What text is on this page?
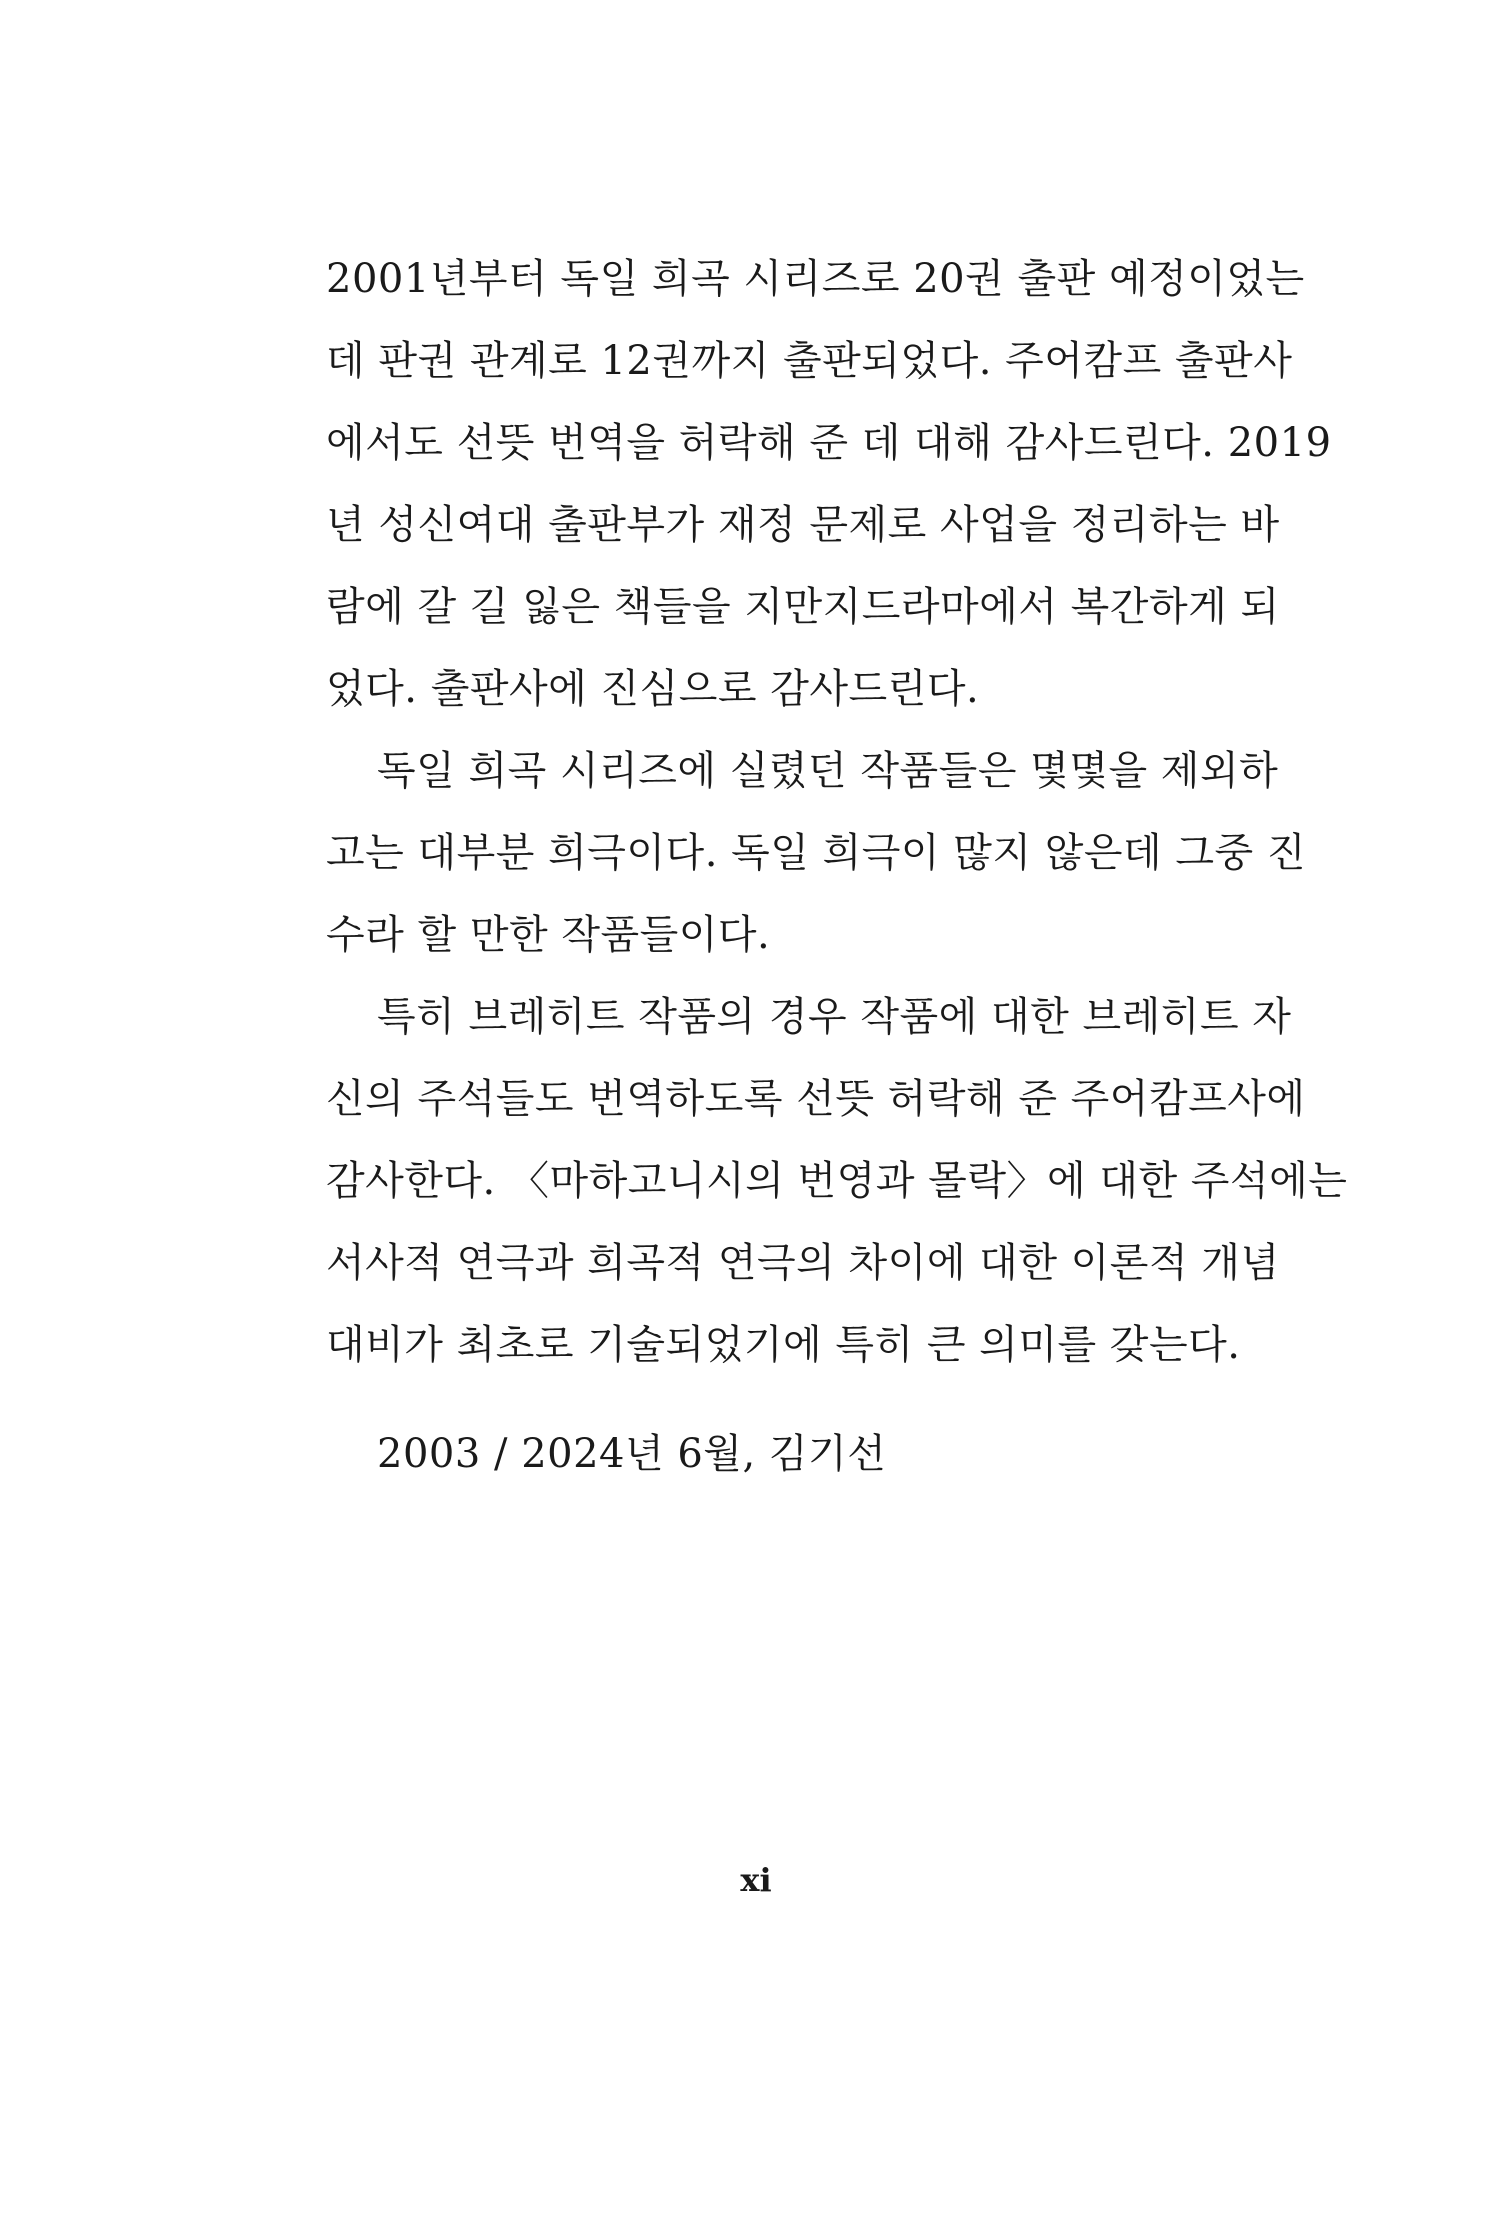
2001년부터 독일 희곡 시리즈로 20권 출판 예정이었는
데 판권 관계로 12권까지 출판되었다. 주어캄프 출판사
에서도 선뜻 번역을 허락해 준 데 대해 감사드린다. 2019
년 성신여대 출판부가 재정 문제로 사업을 정리하는 바
람에 갈 길 잃은 책들을 지만지드라마에서 복간하게 되
었다. 출판사에 진심으로 감사드린다.
독일 희곡 시리즈에 실렸던 작품들은 몇몇을 제외하
고는 대부분 희극이다. 독일 희극이 많지 않은데 그중 진
수라 할 만한 작품들이다.
특히 브레히트 작품의 경우 작품에 대한 브레히트 자
신의 주석들도 번역하도록 선뜻 허락해 준 주어캄프사에
감사한다. 〈마하고니시의 번영과 몰락〉에 대한 주석에는
서사적 연극과 희곡적 연극의 차이에 대한 이론적 개념
대비가 최초로 기술되었기에 특히 큰 의미를 갖는다.
2003 / 2024년 6월, 김기선
xi
